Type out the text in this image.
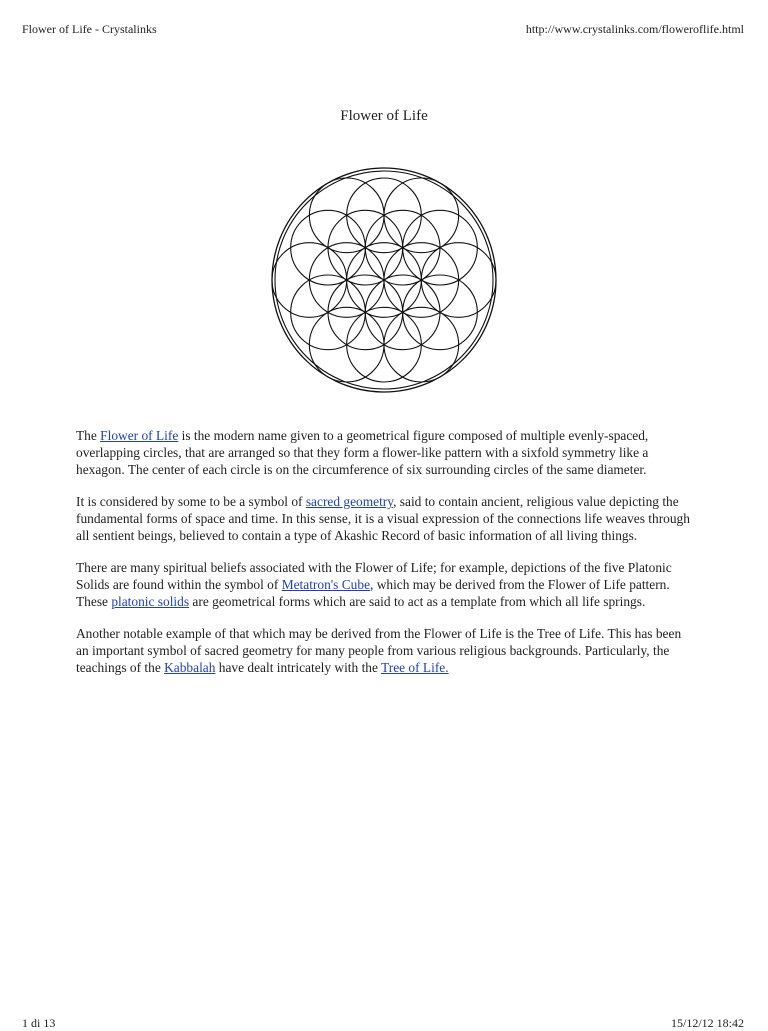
Flower of Life - Crystalinks	http://www.crystalinks.com/floweroflife.html
Flower of Life

The Flower of Life is the modern name given to a geometrical figure composed of multiple evenly-spaced, overlapping circles, that are arranged so that they form a flower-like pattern with a sixfold symmetry like a hexagon. The center of each circle is on the circumference of six surrounding circles of the same diameter.

It is considered by some to be a symbol of sacred geometry, said to contain ancient, religious value depicting the fundamental forms of space and time. In this sense, it is a visual expression of the connections life weaves through all sentient beings, believed to contain a type of Akashic Record of basic information of all living things.

There are many spiritual beliefs associated with the Flower of Life; for example, depictions of the five Platonic Solids are found within the symbol of Metatron's Cube, which may be derived from the Flower of Life pattern. These platonic solids are geometrical forms which are said to act as a template from which all life springs.

Another notable example of that which may be derived from the Flower of Life is the Tree of Life. This has been an important symbol of sacred geometry for many people from various religious backgrounds. Particularly, the teachings of the Kabbalah have dealt intricately with the Tree of Life.

1 di 13	15/12/12 18:42
